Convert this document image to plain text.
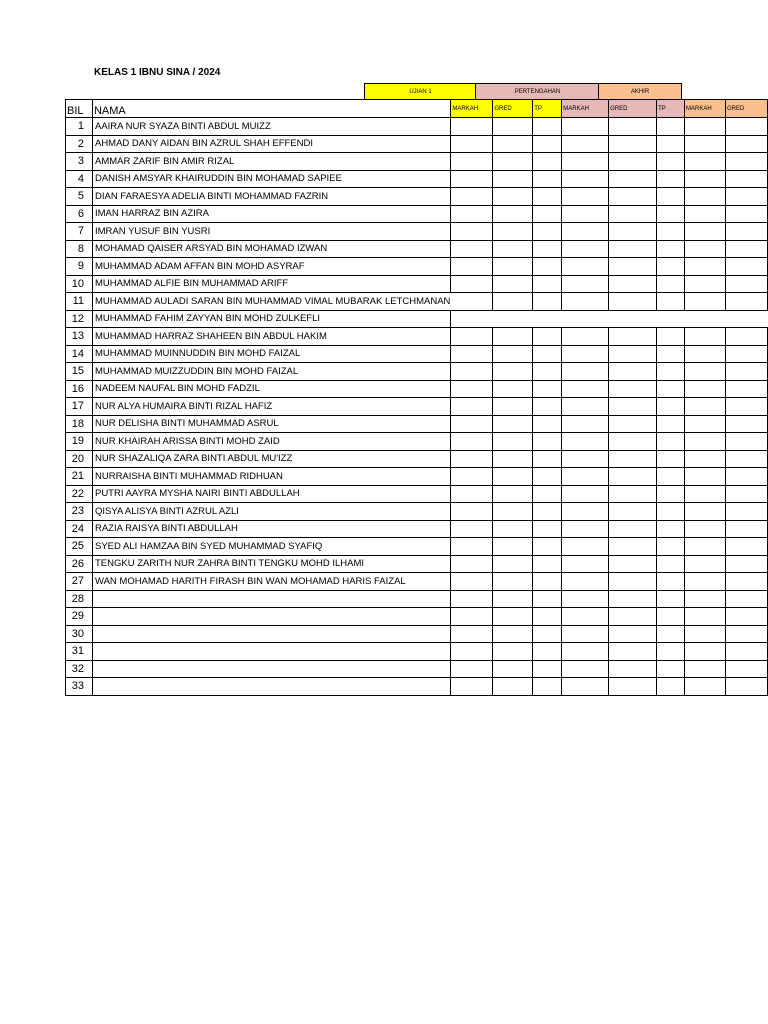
KELAS 1 IBNU SINA / 2024
UJIAN 1	PERTENGAHAN	AKHIR
BIL	NAMA	MARKAH	GRED	TP	MARKAH	GRED	TP	MARKAH	GRED
1	AAIRA NUR SYAZA BINTI ABDUL MUIZZ								
2	AHMAD DANY AIDAN BIN AZRUL SHAH EFFENDI								
3	AMMAR ZARIF BIN AMIR RIZAL								
4	DANISH AMSYAR KHAIRUDDIN BIN MOHAMAD SAPIEE								
5	DIAN FARAESYA ADELIA BINTI MOHAMMAD FAZRIN								
6	IMAN HARRAZ BIN AZIRA								
7	IMRAN YUSUF BIN YUSRI								
8	MOHAMAD QAISER ARSYAD BIN MOHAMAD IZWAN								
9	MUHAMMAD ADAM AFFAN BIN MOHD ASYRAF								
10	MUHAMMAD ALFIE BIN MUHAMMAD ARIFF								
11	MUHAMMAD AULADI SARAN BIN MUHAMMAD VIMAL MUBARAK LETCHMANAN								
12	MUHAMMAD FAHIM ZAYYAN BIN MOHD ZULKEFLI								
13	MUHAMMAD HARRAZ SHAHEEN BIN ABDUL HAKIM								
14	MUHAMMAD MUINNUDDIN BIN MOHD FAIZAL								
15	MUHAMMAD MUIZZUDDIN BIN MOHD FAIZAL								
16	NADEEM NAUFAL BIN MOHD FADZIL								
17	NUR ALYA HUMAIRA BINTI RIZAL HAFIZ								
18	NUR DELISHA BINTI MUHAMMAD ASRUL								
19	NUR KHAIRAH ARISSA BINTI MOHD ZAID								
20	NUR SHAZALIQA ZARA BINTI ABDUL MU'IZZ								
21	NURRAISHA BINTI MUHAMMAD RIDHUAN								
22	PUTRI AAYRA MYSHA NAIRI BINTI ABDULLAH								
23	QISYA ALISYA BINTI AZRUL AZLI								
24	RAZIA RAISYA BINTI ABDULLAH								
25	SYED ALI HAMZAA BIN SYED MUHAMMAD SYAFIQ								
26	TENGKU ZARITH NUR ZAHRA BINTI TENGKU MOHD ILHAMI								
27	WAN MOHAMAD HARITH FIRASH BIN WAN MOHAMAD HARIS FAIZAL								
28									
29									
30									
31									
32									
33									
